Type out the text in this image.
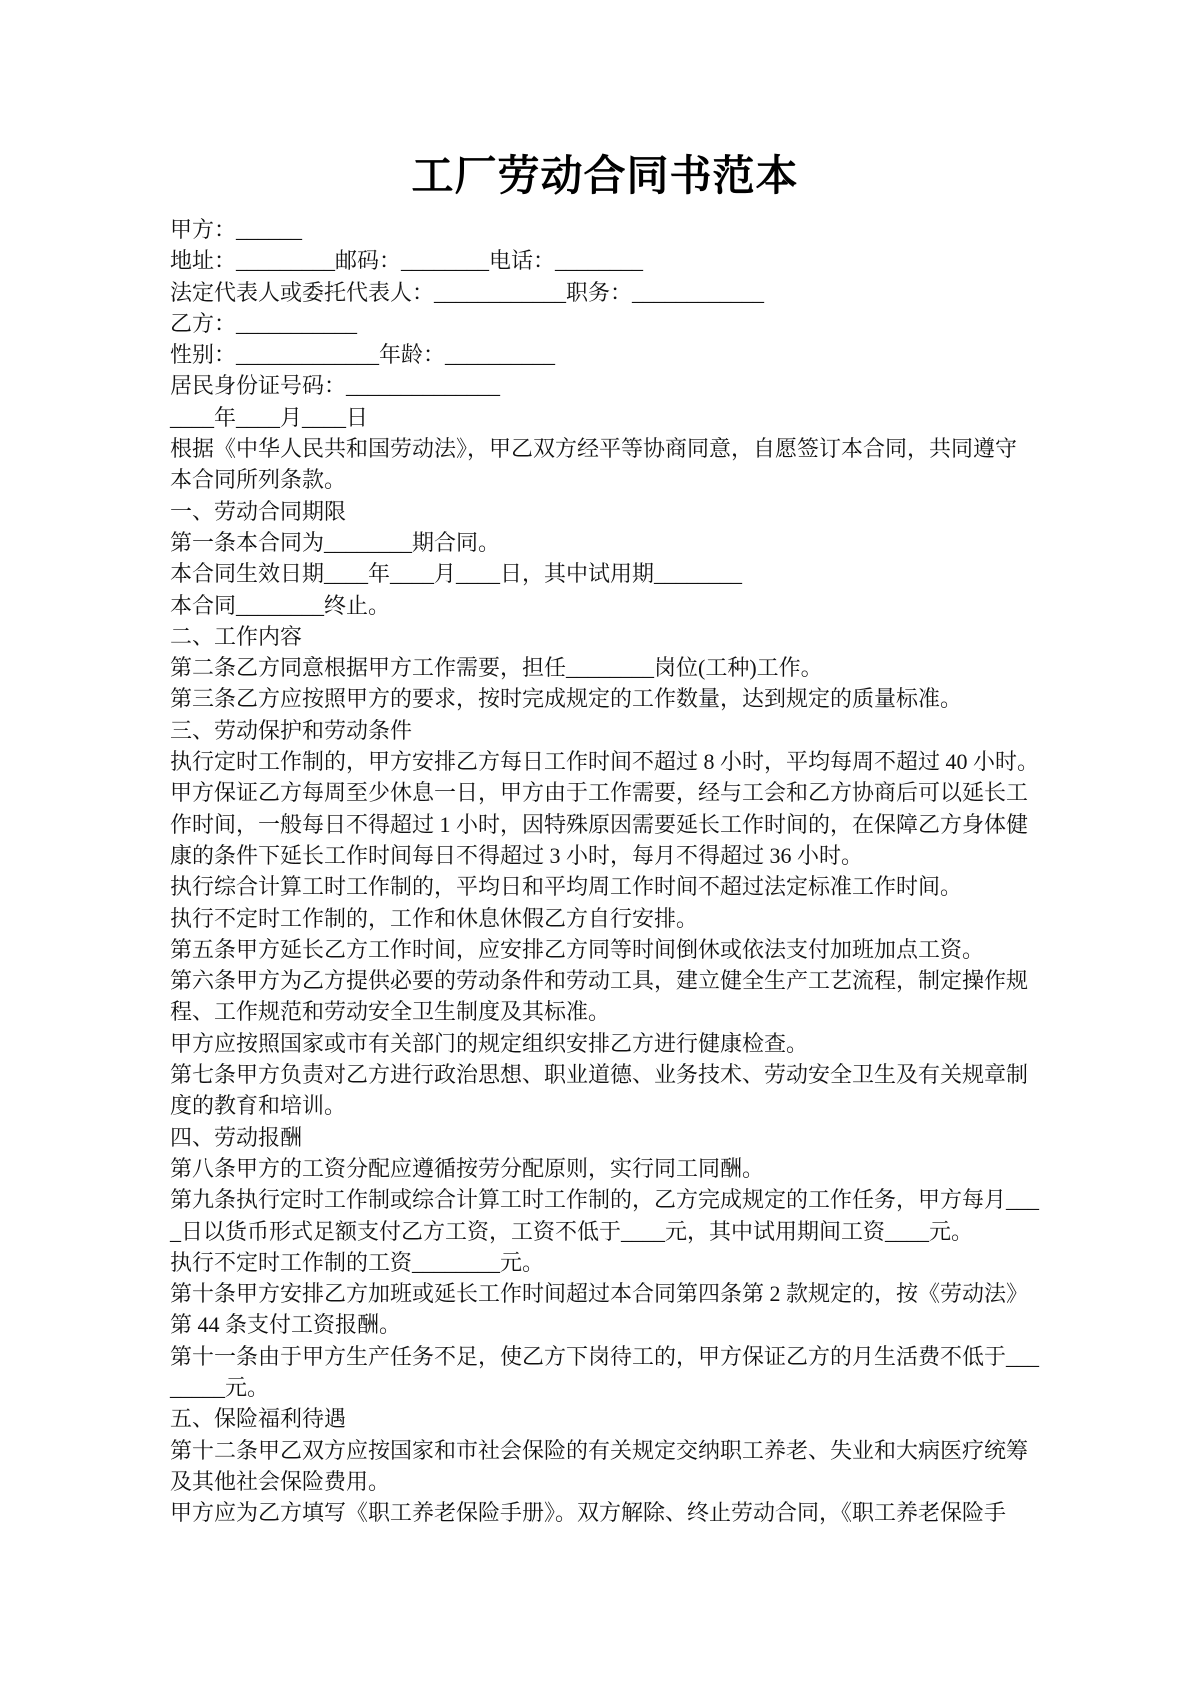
工厂劳动合同书范本

甲方：______

地址：_________邮码：________电话：________

法定代表人或委托代表人：____________职务：____________

乙方：___________

性别：_____________年龄：__________

居民身份证号码：______________

____年____月____日

根据《中华人民共和国劳动法》，甲乙双方经平等协商同意，自愿签订本合同，共同遵守

本合同所列条款。

一、劳动合同期限

第一条本合同为________期合同。

本合同生效日期____年____月____日，其中试用期________

本合同________终止。

二、工作内容

第二条乙方同意根据甲方工作需要，担任________岗位(工种)工作。

第三条乙方应按照甲方的要求，按时完成规定的工作数量，达到规定的质量标准。

三、劳动保护和劳动条件

执行定时工作制的，甲方安排乙方每日工作时间不超过 8 小时，平均每周不超过 40 小时。

甲方保证乙方每周至少休息一日，甲方由于工作需要，经与工会和乙方协商后可以延长工

作时间，一般每日不得超过 1 小时，因特殊原因需要延长工作时间的，在保障乙方身体健

康的条件下延长工作时间每日不得超过 3 小时，每月不得超过 36 小时。

执行综合计算工时工作制的，平均日和平均周工作时间不超过法定标准工作时间。

执行不定时工作制的，工作和休息休假乙方自行安排。

第五条甲方延长乙方工作时间，应安排乙方同等时间倒休或依法支付加班加点工资。

第六条甲方为乙方提供必要的劳动条件和劳动工具，建立健全生产工艺流程，制定操作规

程、工作规范和劳动安全卫生制度及其标准。

甲方应按照国家或市有关部门的规定组织安排乙方进行健康检查。

第七条甲方负责对乙方进行政治思想、职业道德、业务技术、劳动安全卫生及有关规章制

度的教育和培训。

四、劳动报酬

第八条甲方的工资分配应遵循按劳分配原则，实行同工同酬。

第九条执行定时工作制或综合计算工时工作制的，乙方完成规定的工作任务，甲方每月___

_日以货币形式足额支付乙方工资，工资不低于____元，其中试用期间工资____元。

执行不定时工作制的工资________元。

第十条甲方安排乙方加班或延长工作时间超过本合同第四条第 2 款规定的，按《劳动法》

第 44 条支付工资报酬。

第十一条由于甲方生产任务不足，使乙方下岗待工的，甲方保证乙方的月生活费不低于___

_____元。

五、保险福利待遇

第十二条甲乙双方应按国家和市社会保险的有关规定交纳职工养老、失业和大病医疗统筹

及其他社会保险费用。

甲方应为乙方填写《职工养老保险手册》。双方解除、终止劳动合同，《职工养老保险手
